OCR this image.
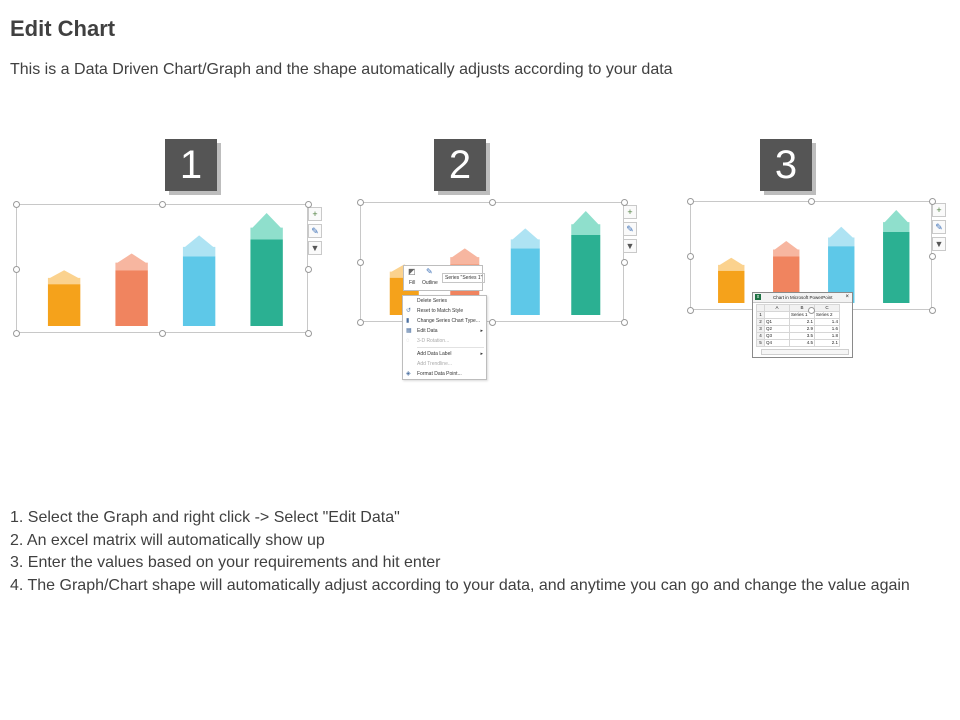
Edit Chart
This is a Data Driven Chart/Graph and the shape automatically adjusts according to your data
1	2	3
+
✎
▼
+
✎
▼
+
✎
▼
◩	✎
Fill Outline
Series "Series 1"
Delete Series
↺ Reset to Match Style
▮	Change Series Chart Type...
▦ Edit Data	▸
◌	3-D Rotation...
Add Data Label	▸
Add Trendline...
◈ Format Data Point...
x	Chart in Microsoft PowerPoint ×
	A	B	C
1		Series 1	Series 2
2	Q1	2.1	1.4
3	Q2	2.9	1.6
4	Q3	3.5	1.8
5	Q4	4.5	2.1
1. Select the Graph and right click -> Select "Edit Data"
2. An excel matrix will automatically show up
3. Enter the values based on your requirements and hit enter
4. The Graph/Chart shape will automatically adjust according to your data, and anytime you can go and change the value again
